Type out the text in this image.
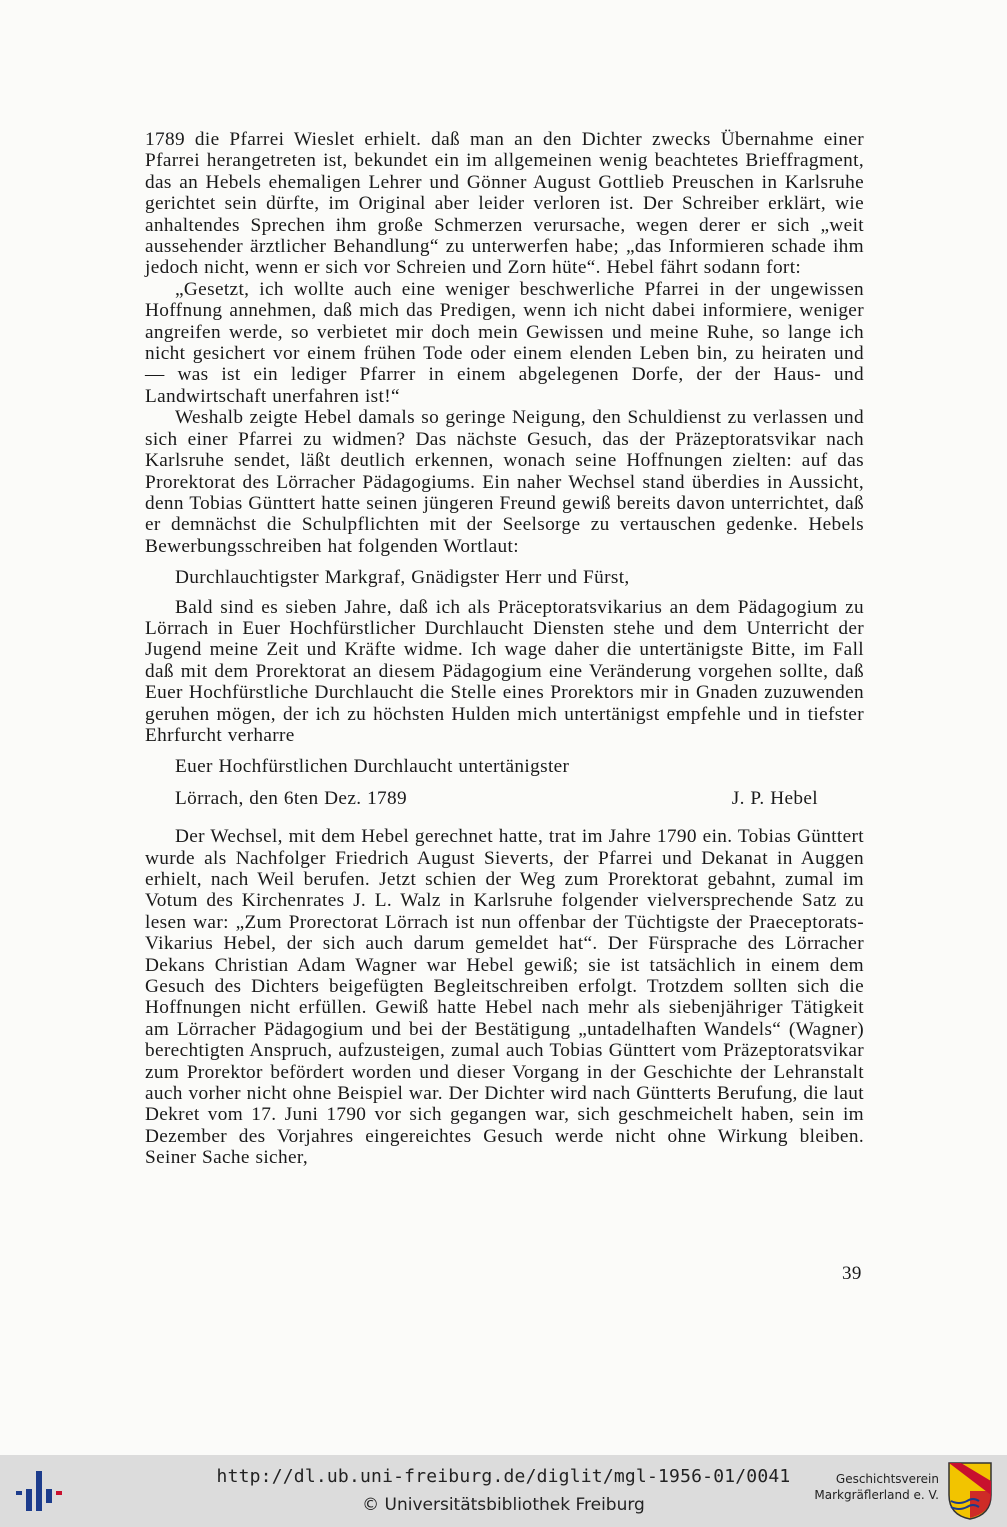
1789 die Pfarrei Wieslet erhielt. daß man an den Dichter zwecks Übernahme einer Pfarrei herangetreten ist, bekundet ein im allgemeinen wenig beachtetes Brieffragment, das an Hebels ehemaligen Lehrer und Gönner August Gottlieb Preuschen in Karlsruhe gerichtet sein dürfte, im Original aber leider verloren ist. Der Schreiber erklärt, wie anhaltendes Sprechen ihm große Schmerzen verursache, wegen derer er sich „weit aussehender ärztlicher Behandlung“ zu unterwerfen habe; „das Informieren schade ihm jedoch nicht, wenn er sich vor Schreien und Zorn hüte“. Hebel fährt sodann fort:

„Gesetzt, ich wollte auch eine weniger beschwerliche Pfarrei in der ungewissen Hoffnung annehmen, daß mich das Predigen, wenn ich nicht dabei informiere, weniger angreifen werde, so verbietet mir doch mein Gewissen und meine Ruhe, so lange ich nicht gesichert vor einem frühen Tode oder einem elenden Leben bin, zu heiraten und — was ist ein lediger Pfarrer in einem abgelegenen Dorfe, der der Haus- und Landwirtschaft unerfahren ist!“

Weshalb zeigte Hebel damals so geringe Neigung, den Schuldienst zu verlassen und sich einer Pfarrei zu widmen? Das nächste Gesuch, das der Präzeptoratsvikar nach Karlsruhe sendet, läßt deutlich erkennen, wonach seine Hoffnungen zielten: auf das Prorektorat des Lörracher Pädagogiums. Ein naher Wechsel stand überdies in Aussicht, denn Tobias Günttert hatte seinen jüngeren Freund gewiß bereits davon unterrichtet, daß er demnächst die Schulpflichten mit der Seelsorge zu vertauschen gedenke. Hebels Bewerbungsschreiben hat folgenden Wortlaut:

Durchlauchtigster Markgraf, Gnädigster Herr und Fürst,

Bald sind es sieben Jahre, daß ich als Präceptoratsvikarius an dem Pädagogium zu Lörrach in Euer Hochfürstlicher Durchlaucht Diensten stehe und dem Unterricht der Jugend meine Zeit und Kräfte widme. Ich wage daher die untertänigste Bitte, im Fall daß mit dem Prorektorat an diesem Pädagogium eine Veränderung vorgehen sollte, daß Euer Hochfürstliche Durchlaucht die Stelle eines Prorektors mir in Gnaden zuzuwenden geruhen mögen, der ich zu höchsten Hulden mich untertänigst empfehle und in tiefster Ehrfurcht verharre

Euer Hochfürstlichen Durchlaucht untertänigster

Lörrach, den 6ten Dez. 1789	J. P. Hebel

Der Wechsel, mit dem Hebel gerechnet hatte, trat im Jahre 1790 ein. Tobias Günttert wurde als Nachfolger Friedrich August Sieverts, der Pfarrei und Dekanat in Auggen erhielt, nach Weil berufen. Jetzt schien der Weg zum Prorektorat gebahnt, zumal im Votum des Kirchenrates J. L. Walz in Karlsruhe folgender vielversprechende Satz zu lesen war: „Zum Prorectorat Lörrach ist nun offenbar der Tüchtigste der Praeceptorats-Vikarius Hebel, der sich auch darum gemeldet hat“. Der Fürsprache des Lörracher Dekans Christian Adam Wagner war Hebel gewiß; sie ist tatsächlich in einem dem Gesuch des Dichters beigefügten Begleitschreiben erfolgt. Trotzdem sollten sich die Hoffnungen nicht erfüllen. Gewiß hatte Hebel nach mehr als siebenjähriger Tätigkeit am Lörracher Pädagogium und bei der Bestätigung „untadelhaften Wandels“ (Wagner) berechtigten Anspruch, aufzusteigen, zumal auch Tobias Günttert vom Präzeptoratsvikar zum Prorektor befördert worden und dieser Vorgang in der Geschichte der Lehranstalt auch vorher nicht ohne Beispiel war. Der Dichter wird nach Güntterts Berufung, die laut Dekret vom 17. Juni 1790 vor sich gegangen war, sich geschmeichelt haben, sein im Dezember des Vorjahres eingereichtes Gesuch werde nicht ohne Wirkung bleiben. Seiner Sache sicher,

39
http://dl.ub.uni-freiburg.de/diglit/mgl-1956-01/0041
© Universitätsbibliothek Freiburg
Geschichtsverein
Markgräflerland e. V.
